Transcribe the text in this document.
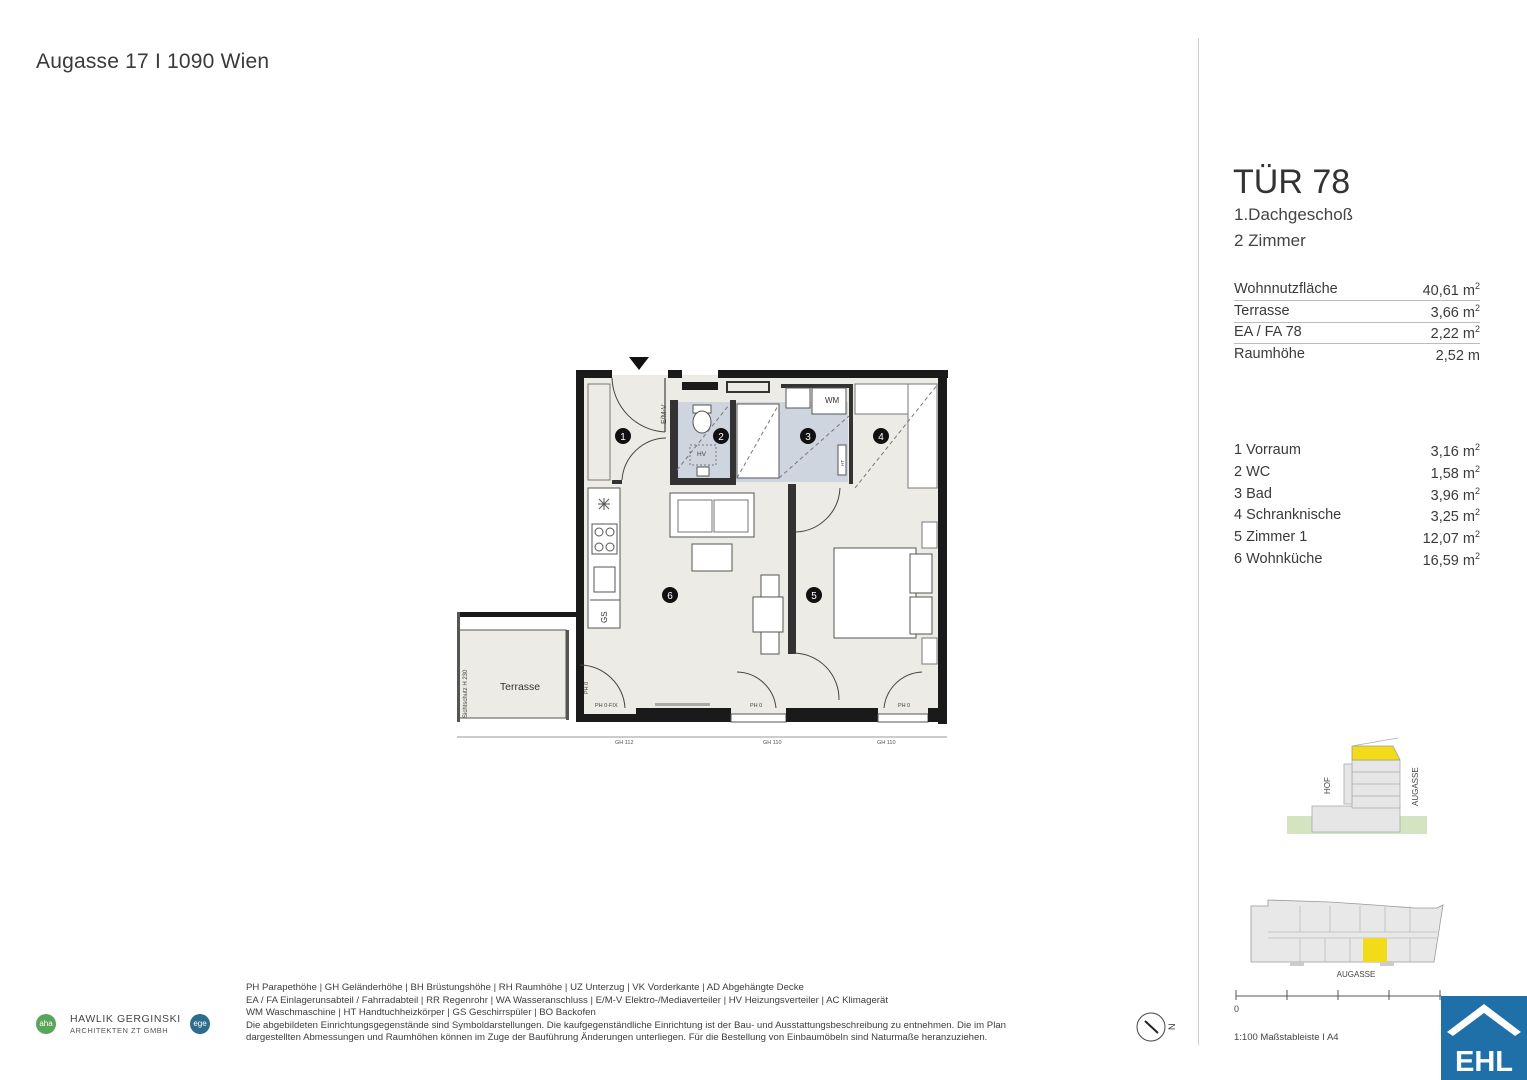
Augasse 17 I 1090 Wien
TÜR 78
1.Dachgeschoß
2 Zimmer
Wohnnutzfläche	40,61 $m^2$
Terrasse	3,66 $m^2$
EA / FA 78	2,22 $m^2$
Raumhöhe	2,52 m
1 Vorraum	3,16 $m^2$
2 WC	1,58 $m^2$
3 Bad	3,96 $m^2$
4 Schranknische	3,25 $m^2$
5 Zimmer 1	12,07 $m^2$
6 Wohnküche	16,59 $m^2$
1	2	3	4
5
6
Terrasse
Sichtschutz H 230
E/M-V
HV
WM
HT
GS
PH 0
PH 0-FIX	PH 0	PH 0
GH 112	GH 110	GH 110
HOF	AUGASSE
AUGASSE
0
1:100 Maßstableiste I A4
N
PH Parapethöhe | GH Geländerhöhe | BH Brüstungshöhe | RH Raumhöhe | UZ Unterzug | VK Vorderkante | AD Abgehängte Decke
EA / FA Einlagerunsabteil / Fahrradabteil | RR Regenrohr | WA Wasseranschluss | E/M-V Elektro-/Mediaverteiler | HV Heizungsverteiler | AC Klimagerät
WM Waschmaschine | HT Handtuchheizkörper | GS Geschirrspüler | BO Backofen
Die abgebildeten Einrichtungsgegenstände sind Symboldarstellungen. Die kaufgegenständliche Einrichtung ist der Bau- und Ausstattungsbeschreibung zu entnehmen. Die im Plan
dargestellten Abmessungen und Raumhöhen können im Zuge der Bauführung Änderungen unterliegen. Für die Bestellung von Einbaumöbeln sind Naturmaße heranzuziehen.
aha	HAWLIK GERGINSKI
ARCHITEKTEN ZT GMBH
ege
EHL
